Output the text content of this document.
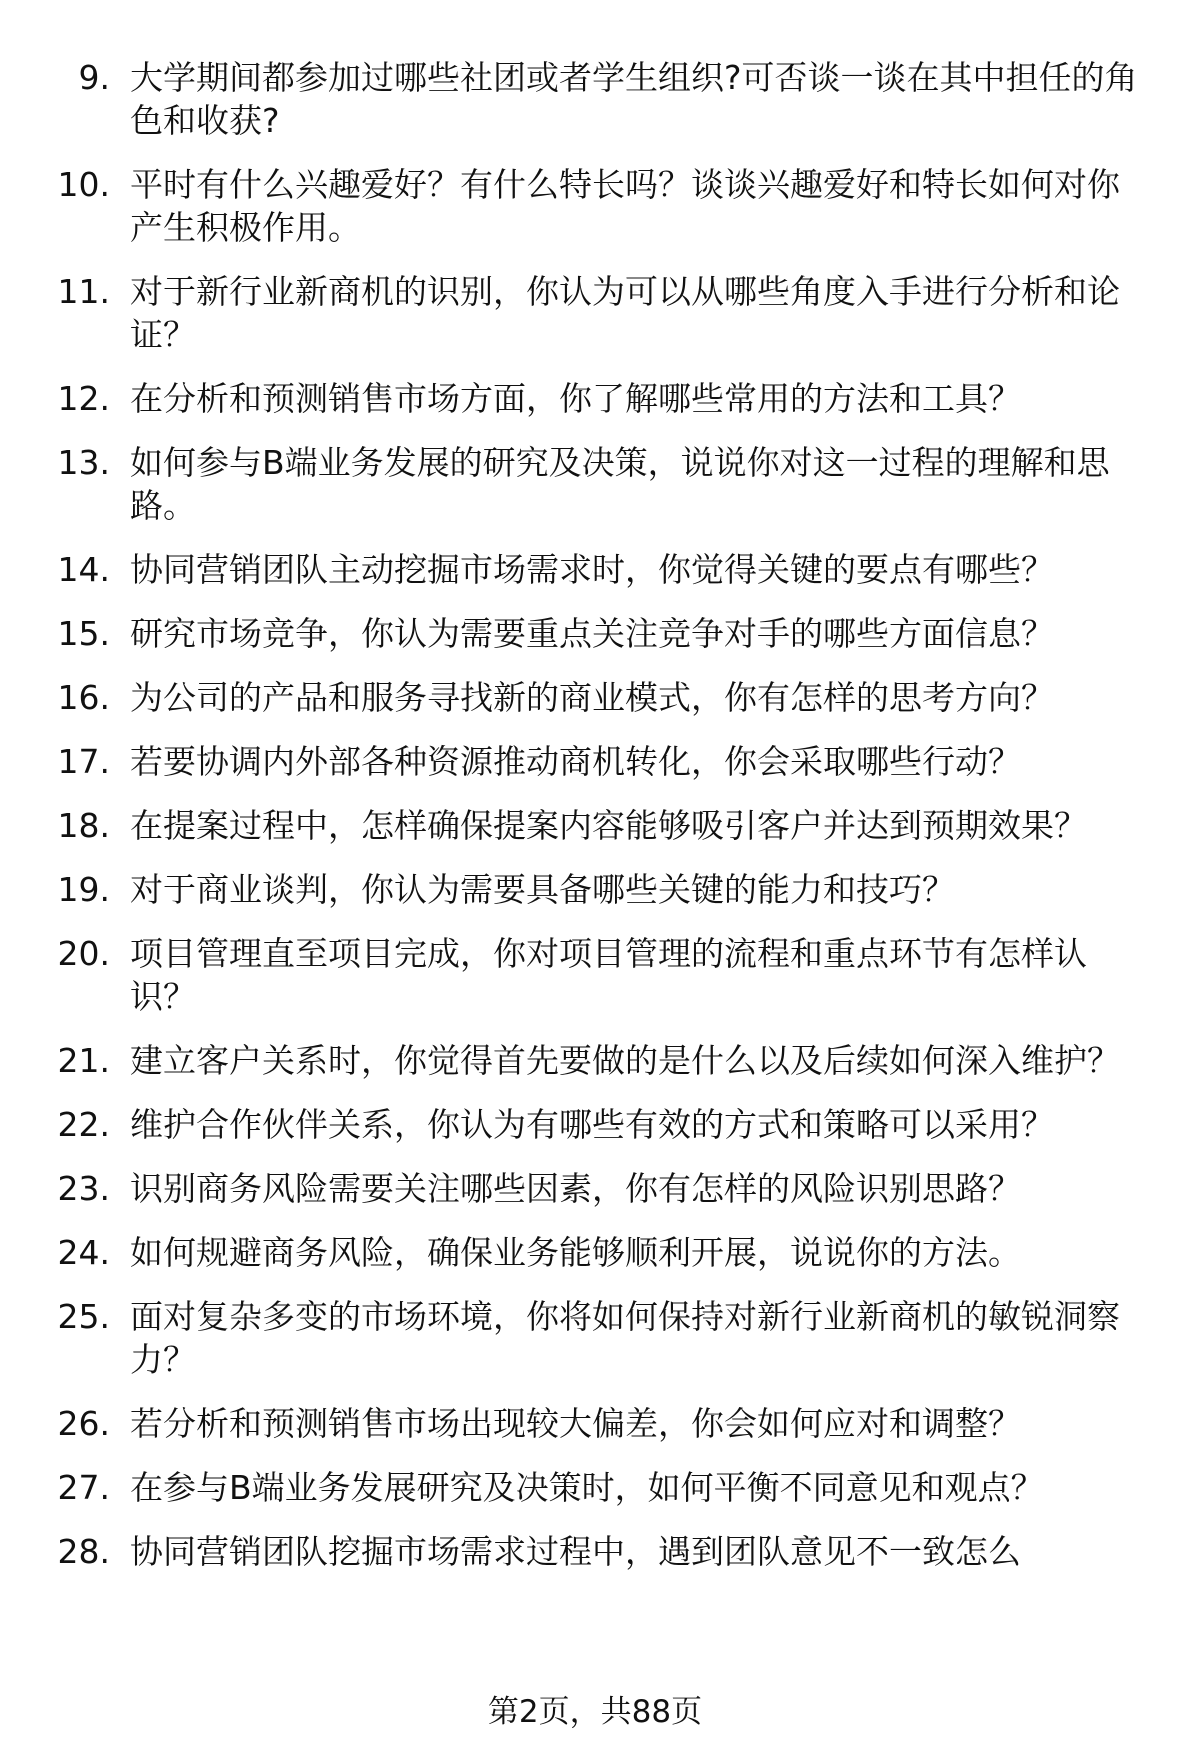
9. 大学期间都参加过哪些社团或者学生组织?可否谈一谈在其中担任的角色和收获?
10. 平时有什么兴趣爱好？有什么特长吗？谈谈兴趣爱好和特长如何对你产生积极作用。
11. 对于新行业新商机的识别，你认为可以从哪些角度入手进行分析和论证？
12. 在分析和预测销售市场方面，你了解哪些常用的方法和工具？
13. 如何参与B端业务发展的研究及决策，说说你对这一过程的理解和思路。
14. 协同营销团队主动挖掘市场需求时，你觉得关键的要点有哪些？
15. 研究市场竞争，你认为需要重点关注竞争对手的哪些方面信息？
16. 为公司的产品和服务寻找新的商业模式，你有怎样的思考方向？
17. 若要协调内外部各种资源推动商机转化，你会采取哪些行动？
18. 在提案过程中，怎样确保提案内容能够吸引客户并达到预期效果？
19. 对于商业谈判，你认为需要具备哪些关键的能力和技巧？
20. 项目管理直至项目完成，你对项目管理的流程和重点环节有怎样认识？
21. 建立客户关系时，你觉得首先要做的是什么以及后续如何深入维护？
22. 维护合作伙伴关系，你认为有哪些有效的方式和策略可以采用？
23. 识别商务风险需要关注哪些因素，你有怎样的风险识别思路？
24. 如何规避商务风险，确保业务能够顺利开展，说说你的方法。
25. 面对复杂多变的市场环境，你将如何保持对新行业新商机的敏锐洞察力？
26. 若分析和预测销售市场出现较大偏差，你会如何应对和调整？
27. 在参与B端业务发展研究及决策时，如何平衡不同意见和观点？
28. 协同营销团队挖掘市场需求过程中，遇到团队意见不一致怎么
第2页，共88页
